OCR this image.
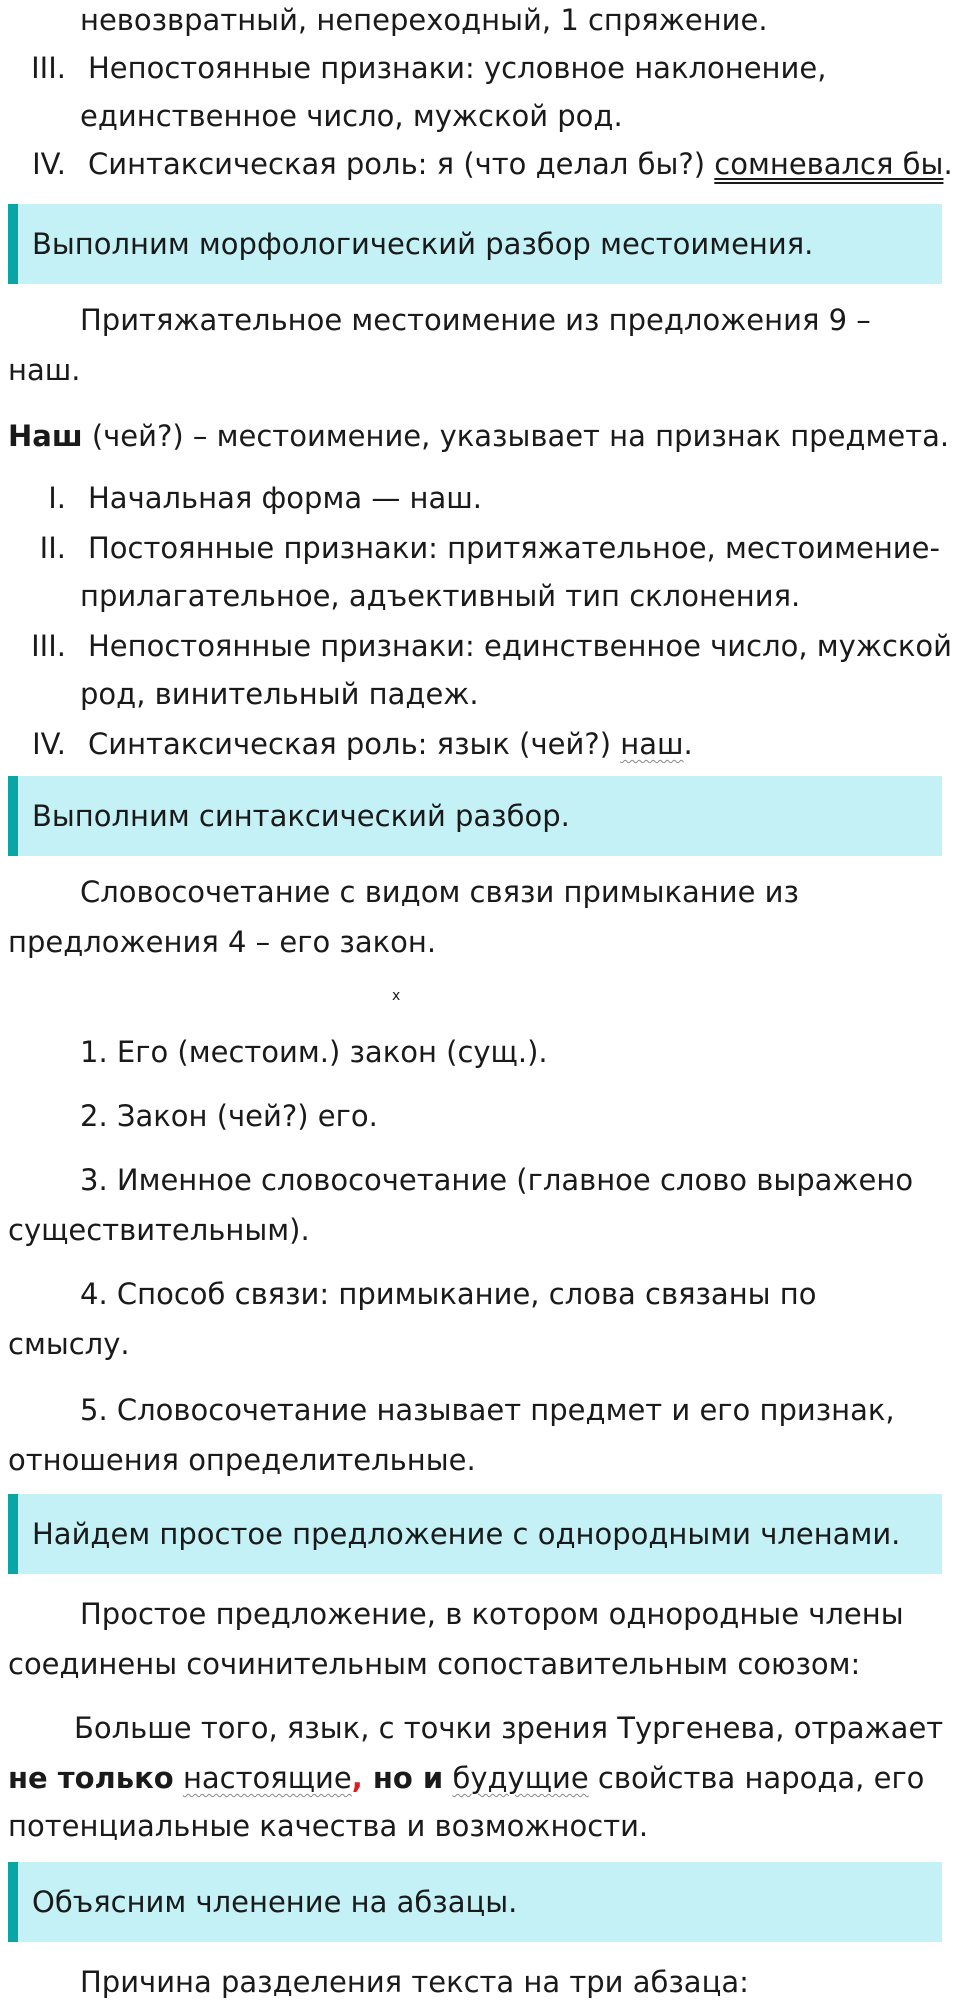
невозвратный, непереходный, 1 спряжение.
III. Непостоянные признаки: условное наклонение,
единственное число, мужской род.
IV. Синтаксическая роль: я (что делал бы?) сомневался бы.
Выполним морфологический разбор местоимения.
Притяжательное местоимение из предложения 9 –
наш.
Наш (чей?) – местоимение, указывает на признак предмета.
I. Начальная форма — наш.
II. Постоянные признаки: притяжательное, местоимение-
прилагательное, адъективный тип склонения.
III. Непостоянные признаки: единственное число, мужской
род, винительный падеж.
IV. Синтаксическая роль: язык (чей?) наш.
Выполним синтаксический разбор.
Словосочетание с видом связи примыкание из
предложения 4 – его закон.
x
1. Его (местоим.) закон (сущ.).
2. Закон (чей?) его.
3. Именное словосочетание (главное слово выражено
существительным).
4. Способ связи: примыкание, слова связаны по
смыслу.
5. Словосочетание называет предмет и его признак,
отношения определительные.
Найдем простое предложение с однородными членами.
Простое предложение, в котором однородные члены
соединены сочинительным сопоставительным союзом:
Больше того, язык, с точки зрения Тургенева, отражает
не только настоящие, но и будущие свойства народа, его
потенциальные качества и возможности.
Объясним членение на абзацы.
Причина разделения текста на три абзаца:
